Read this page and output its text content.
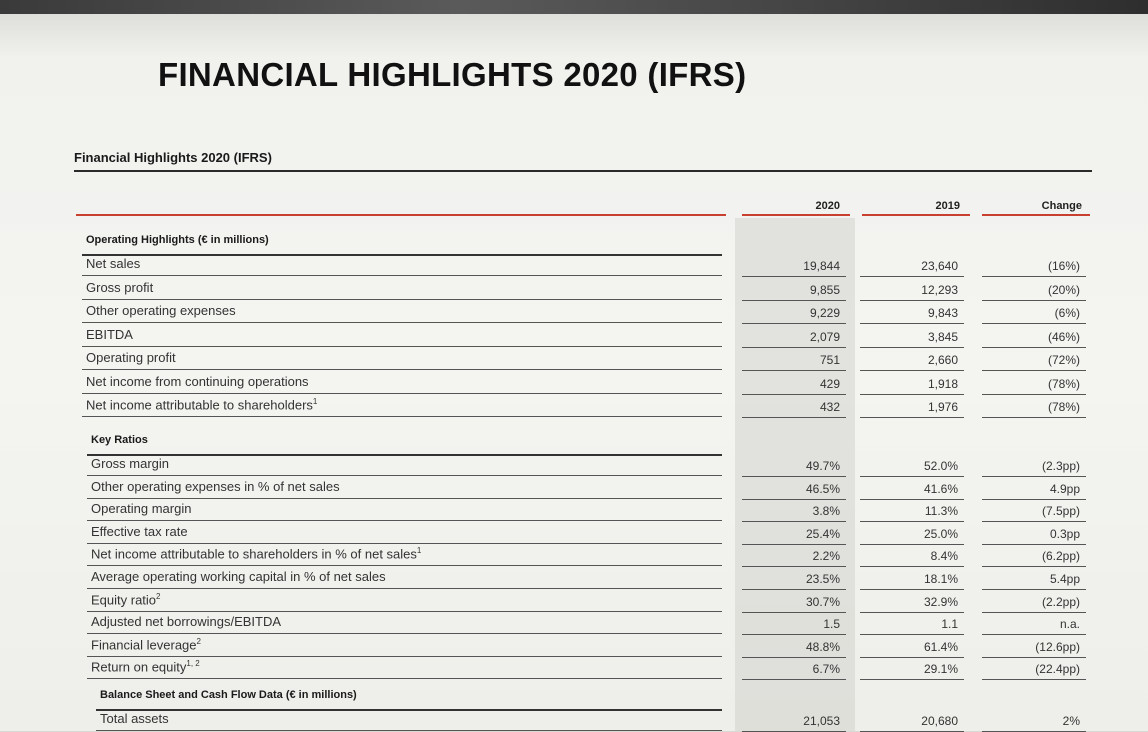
FINANCIAL HIGHLIGHTS 2020 (IFRS)
Financial Highlights 2020 (IFRS)
2020	2019	Change
Operating Highlights (€ in millions)
Net sales	19,844	23,640	(16%)
Gross profit	9,855	12,293	(20%)
Other operating expenses	9,229	9,843	(6%)
EBITDA	2,079	3,845	(46%)
Operating profit	751	2,660	(72%)
Net income from continuing operations	429	1,918	(78%)
Net income attributable to shareholders$^1$	432	1,976	(78%)
Key Ratios
Gross margin	49.7%	52.0%	(2.3pp)
Other operating expenses in % of net sales	46.5%	41.6%	4.9pp
Operating margin	3.8%	11.3%	(7.5pp)
Effective tax rate	25.4%	25.0%	0.3pp
Net income attributable to shareholders in % of net sales$^1$	2.2%	8.4%	(6.2pp)
Average operating working capital in % of net sales	23.5%	18.1%	5.4pp
Equity ratio$^2$	30.7%	32.9%	(2.2pp)
Adjusted net borrowings/EBITDA	1.5	1.1	n.a.
Financial leverage$^2$	48.8%	61.4%	(12.6pp)
Return on equity$^{1, 2}$	6.7%	29.1%	(22.4pp)
Balance Sheet and Cash Flow Data (€ in millions)
Total assets	21,053	20,680	2%
